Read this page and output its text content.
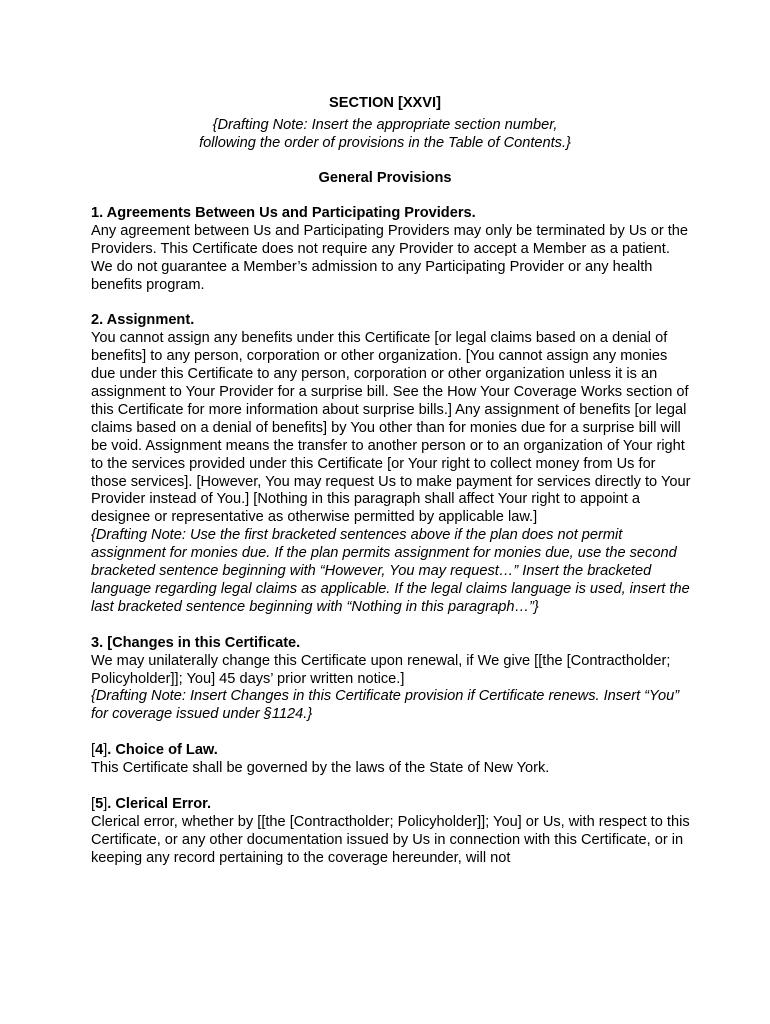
SECTION [XXVI]
{Drafting Note: Insert the appropriate section number,
following the order of provisions in the Table of Contents.}
General Provisions
1. Agreements Between Us and Participating Providers.
Any agreement between Us and Participating Providers may only be terminated by Us or the Providers. This Certificate does not require any Provider to accept a Member as a patient. We do not guarantee a Member’s admission to any Participating Provider or any health benefits program.
2. Assignment.
You cannot assign any benefits under this Certificate [or legal claims based on a denial of benefits] to any person, corporation or other organization. [You cannot assign any monies due under this Certificate to any person, corporation or other organization unless it is an assignment to Your Provider for a surprise bill. See the How Your Coverage Works section of this Certificate for more information about surprise bills.] Any assignment of benefits [or legal claims based on a denial of benefits] by You other than for monies due for a surprise bill will be void. Assignment means the transfer to another person or to an organization of Your right to the services provided under this Certificate [or Your right to collect money from Us for those services]. [However, You may request Us to make payment for services directly to Your Provider instead of You.] [Nothing in this paragraph shall affect Your right to appoint a designee or representative as otherwise permitted by applicable law.]
{Drafting Note: Use the first bracketed sentences above if the plan does not permit assignment for monies due. If the plan permits assignment for monies due, use the second bracketed sentence beginning with “However, You may request…” Insert the bracketed language regarding legal claims as applicable. If the legal claims language is used, insert the last bracketed sentence beginning with “Nothing in this paragraph…”}
3. [Changes in this Certificate.
We may unilaterally change this Certificate upon renewal, if We give [[the [Contractholder; Policyholder]]; You] 45 days’ prior written notice.]
{Drafting Note: Insert Changes in this Certificate provision if Certificate renews. Insert “You” for coverage issued under §1124.}
[4]. Choice of Law.
This Certificate shall be governed by the laws of the State of New York.
[5]. Clerical Error.
Clerical error, whether by [[the [Contractholder; Policyholder]]; You] or Us, with respect to this Certificate, or any other documentation issued by Us in connection with this Certificate, or in keeping any record pertaining to the coverage hereunder, will not
